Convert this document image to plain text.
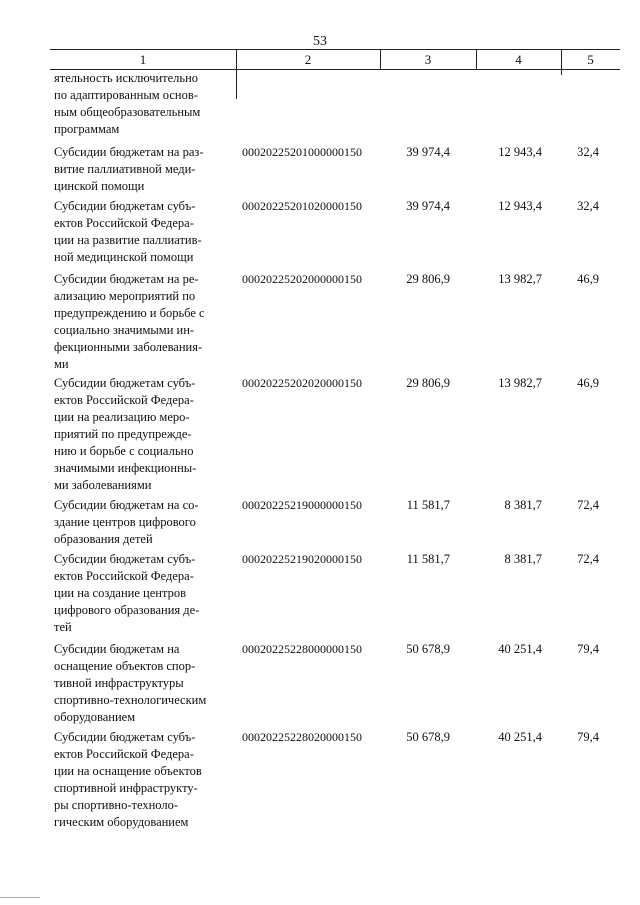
53
1	2	3	4	5
ятельность исключительно
по адаптированным основ-
ным общеобразовательным
программам
Субсидии бюджетам на раз-
витие паллиативной меди-
цинской помощи
00020225201000000150	39 974,4	12 943,4	32,4
Субсидии бюджетам субъ-
ектов Российской Федера-
ции на развитие паллиатив-
ной медицинской помощи
00020225201020000150	39 974,4	12 943,4	32,4
Субсидии бюджетам на ре-
ализацию мероприятий по
предупреждению и борьбе с
социально значимыми ин-
фекционными заболевания-
ми
00020225202000000150	29 806,9	13 982,7	46,9
Субсидии бюджетам субъ-
ектов Российской Федера-
ции на реализацию меро-
приятий по предупрежде-
нию и борьбе с социально
значимыми инфекционны-
ми заболеваниями
00020225202020000150	29 806,9	13 982,7	46,9
Субсидии бюджетам на со-
здание центров цифрового
образования детей
00020225219000000150	11 581,7	8 381,7	72,4
Субсидии бюджетам субъ-
ектов Российской Федера-
ции на создание центров
цифрового образования де-
тей
00020225219020000150	11 581,7	8 381,7	72,4
Субсидии бюджетам на
оснащение объектов спор-
тивной инфраструктуры
спортивно-технологическим
оборудованием
00020225228000000150	50 678,9	40 251,4	79,4
Субсидии бюджетам субъ-
ектов Российской Федера-
ции на оснащение объектов
спортивной инфраструкту-
ры спортивно-техноло-
гическим оборудованием
00020225228020000150	50 678,9	40 251,4	79,4
